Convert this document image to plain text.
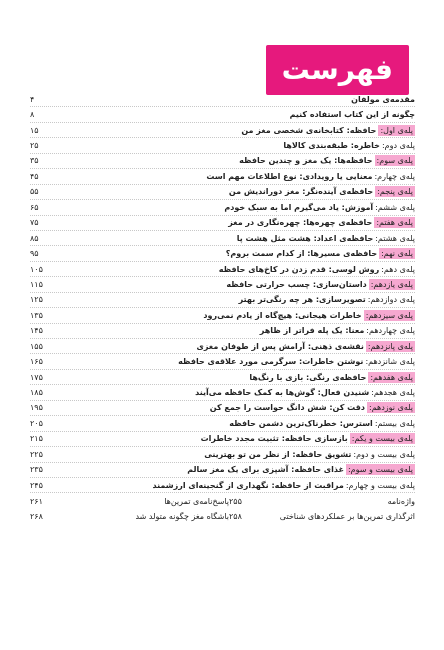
فهرست
مقدمه‌ی مولفان
۴
چگونه از این کتاب استفاده کنیم
۸
پله‌ی اول:
حافظه: کتابخانه‌ی شخصی مغز من
۱۵
پله‌ی دوم:
خاطره: طبقه‌بندی کالاها
۲۵
پله‌ی سوم:
حافظه‌ها: یک مغز و چندین حافظه
۳۵
پله‌ی چهارم:
معنایی یا رویدادی: نوع اطلاعات مهم است
۴۵
پله‌ی پنجم:
حافظه‌ی آینده‌نگر: مغز دوراندیش من
۵۵
پله‌ی ششم:
آموزش: یاد می‌گیرم اما به سبک خودم
۶۵
پله‌ی هفتم:
حافظه‌ی چهره‌ها: چهره‌نگاری در مغز
۷۵
پله‌ی هشتم:
حافظه‌ی اعداد: هشت مثل هشت پا
۸۵
پله‌ی نهم:
حافظه‌ی مسیرها: از کدام سمت بروم؟
۹۵
پله‌ی دهم:
روش لوسی: قدم زدن در کاخ‌های حافظه
۱۰۵
پله‌ی یازدهم:
داستان‌سازی: چسب حرارتی حافظه
۱۱۵
پله‌ی دوازدهم:
تصویرسازی: هر چه رنگی‌تر بهتر
۱۲۵
پله‌ی سیزدهم:
خاطرات هیجانی: هیچ‌گاه از یادم نمی‌رود
۱۳۵
پله‌ی چهاردهم:
معنا: یک پله فراتر از ظاهر
۱۴۵
پله‌ی پانزدهم:
نقشه‌ی ذهنی: آرامش پس از طوفان مغزی
۱۵۵
پله‌ی شانزدهم:
نوشتن خاطرات: سرگرمی مورد علاقه‌ی حافظه
۱۶۵
پله‌ی هفدهم:
حافظه‌ی رنگی: بازی با رنگ‌ها
۱۷۵
پله‌ی هجدهم:
شنیدن فعال: گوش‌ها به کمک حافظه می‌آیند
۱۸۵
پله‌ی نوزدهم:
دقت کن: شش دانگ حواست را جمع کن
۱۹۵
پله‌ی بیستم:
استرس: خطرناک‌ترین دشمن حافظه
۲۰۵
پله‌ی بیست و یکم:
بازسازی حافظه: تثبیت مجدد خاطرات
۲۱۵
پله‌ی بیست و دوم:
تشویق حافظه: از نظر من تو بهترینی
۲۲۵
پله‌ی بیست و سوم:
غذای حافظه: آشپزی برای یک مغز سالم
۲۳۵
پله‌ی بیست و چهارم:
مراقبت از حافظه: نگهداری از گنجینه‌ای ارزشمند
۲۴۵
واژه‌نامه
۲۵۵
پاسخ‌نامه‌ی تمرین‌ها
۲۶۱
اثرگذاری تمرین‌ها بر عملکردهای شناختی
۲۵۸
باشگاه مغز چگونه متولد شد
۲۶۸
